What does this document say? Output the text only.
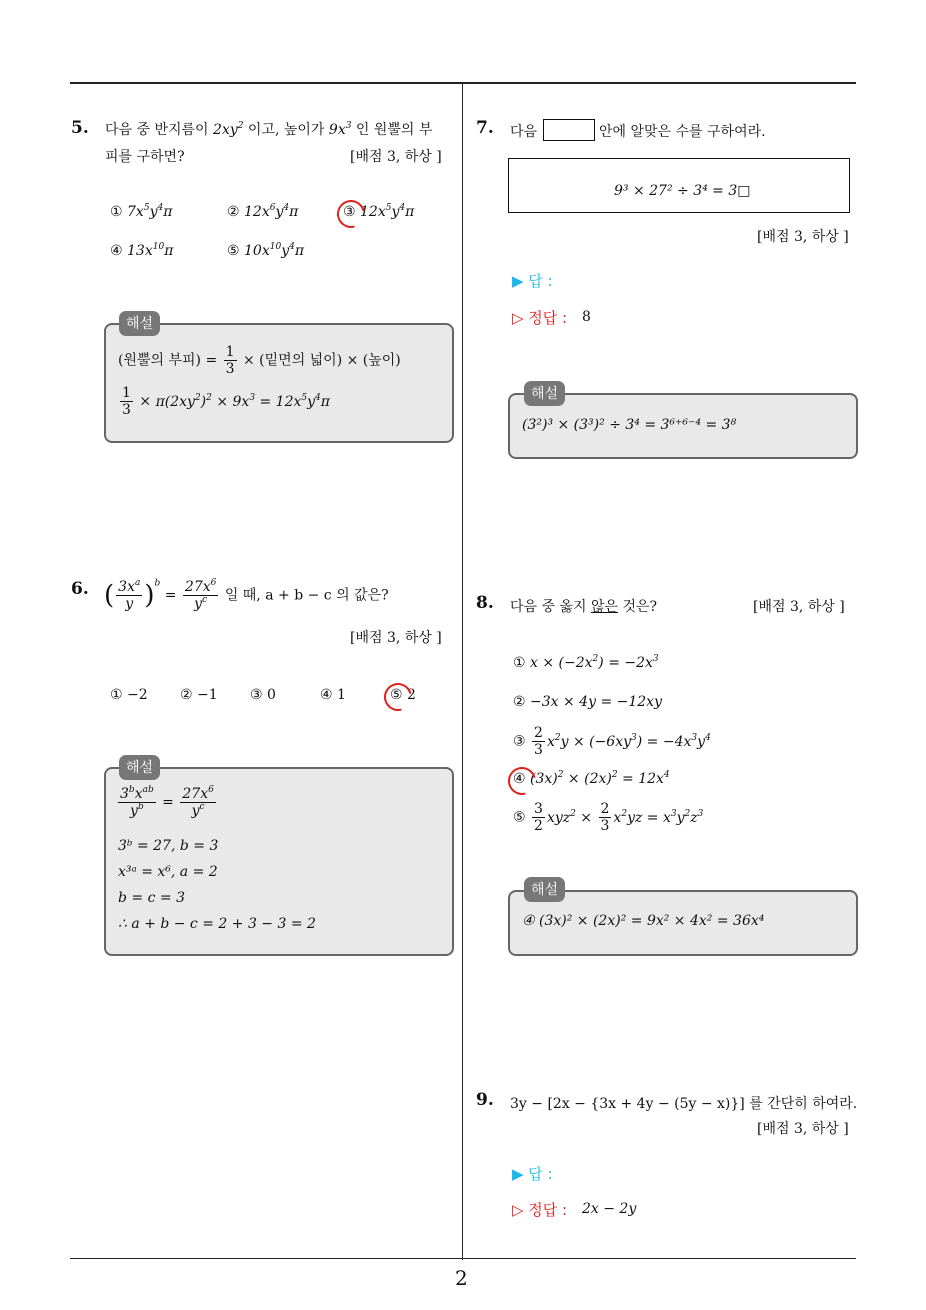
2
5. 다음 중 반지름이 $2xy^2$ 이고, 높이가 $9x^3$ 인 원뿔의 부
피를 구하면?	[배점 3, 하상 ]
① $7x^5y^4\pi$	② $12x^6y^4\pi$	③ $12x^5y^4\pi$
④ $13x^{10}\pi$	⑤ $10x^{10}y^4\pi$
해설
(원뿔의 부피) = $\frac{1}{3}$ × (밑면의 넓이) × (높이)
$\frac{1}{3} \times \pi(2xy^2)^2 \times 9x^3 = 12x^5y^4\pi$
6. ( $\frac{3x^a}{y} )^b = \frac{27x^6}{y^c}$ 일 때, a + b − c 의 값은?
[배점 3, 하상 ]
① −2 ② −1 ③ 0	④ 1	⑤ 2
해설
$\frac{3^bx^{ab}}{y^b} = \frac{27x^6}{y^c}$
3ᵇ = 27, b = 3
x³ᵃ = x⁶, a = 2
b = c = 3
∴ a + b − c = 2 + 3 − 3 = 2
7. 다음	안에 알맞은 수를 구하여라.
9³ × 27² ÷ 3⁴ = 3□
[배점 3, 하상 ]
▶ 답 :
▷ 정답 : 8
해설
(3²)³ × (3³)² ÷ 3⁴ = 3⁶⁺⁶⁻⁴ = 3⁸
8. 다음 중 옳지 않은 것은?	[배점 3, 하상 ]
① $x \times (-2x^2) = -2x^3$
② −3x × 4y = −12xy
③ $\frac{2}{3} x^2y \times (-6xy^3) = -4x^3y^4$
④ $(3x)^2 \times (2x)^2 = 12x^4$
⑤ $\frac{3}{2} xyz^2 \times \frac{2}{3} x^2yz = x^3y^2z^3$
해설
④ (3x)² × (2x)² = 9x² × 4x² = 36x⁴
9. 3y − [2x − {3x + 4y − (5y − x)}] 를 간단히 하여라.
[배점 3, 하상 ]
▶ 답 :
▷ 정답 : 2x − 2y
